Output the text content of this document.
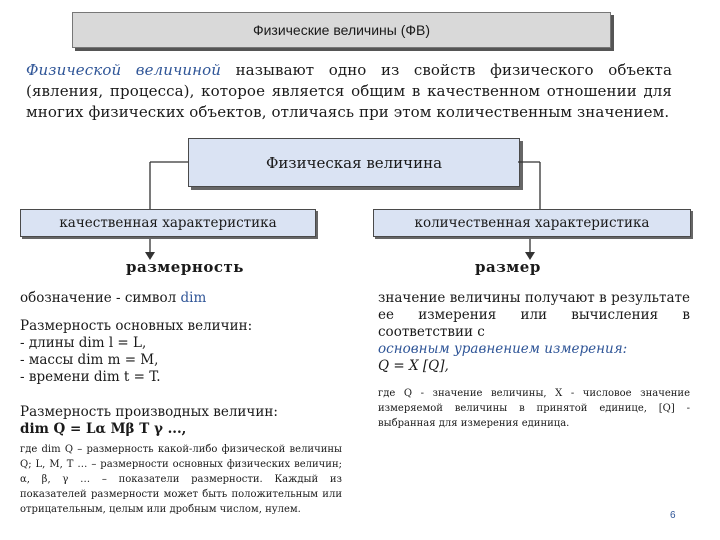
Физические величины (ФВ)
Физической величиной называют одно из свойств физического объекта (явления, процесса), которое является общим в качественном отношении для многих физических объектов, отличаясь при этом количественным значением.
Физическая величина
качественная характеристика	количественная характеристика
размерность	размер
обозначение - символ dim
Размерность основных величин:
- длины dim l = L,
- массы dim m = M,
- времени dim t = T.
Размерность производных величин:
dim Q = Lα Mβ T γ ...,
где dim Q – размерность какой-либо физической величины Q; L, M, T … – размерности основных физических величин; α, β, γ … – показатели размерности. Каждый из показателей размерности может быть положительным или отрицательным, целым или дробным числом, нулем.
значение величины получают в результате ее измерения или вычисления в соответствии с
основным уравнением измерения:
Q = X [Q],
где Q - значение величины, X - числовое значение измеряемой величины в принятой единице, [Q] - выбранная для измерения единица.
6
